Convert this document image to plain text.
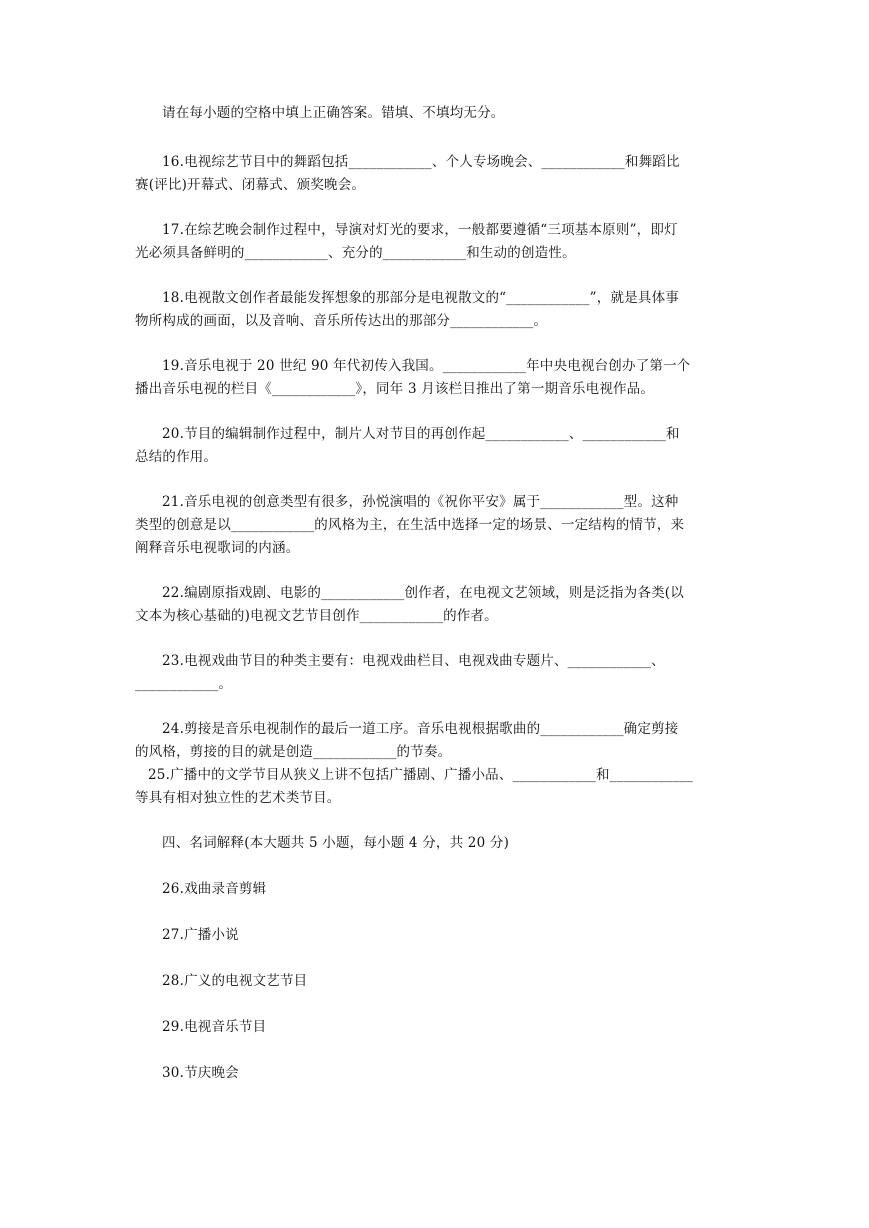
请在每小题的空格中填上正确答案。错填、不填均无分。

16.电视综艺节目中的舞蹈包括____________、个人专场晚会、____________和舞蹈比

赛(评比)开幕式、闭幕式、颁奖晚会。

17.在综艺晚会制作过程中，导演对灯光的要求，一般都要遵循“三项基本原则”，即灯

光必须具备鲜明的____________、充分的____________和生动的创造性。

18.电视散文创作者最能发挥想象的那部分是电视散文的“____________”，就是具体事

物所构成的画面，以及音响、音乐所传达出的那部分____________。

19.音乐电视于 20 世纪 90 年代初传入我国。____________年中央电视台创办了第一个

播出音乐电视的栏目《____________》，同年 3 月该栏目推出了第一期音乐电视作品。

20.节目的编辑制作过程中，制片人对节目的再创作起____________、____________和

总结的作用。

21.音乐电视的创意类型有很多，孙悦演唱的《祝你平安》属于____________型。这种

类型的创意是以____________的风格为主，在生活中选择一定的场景、一定结构的情节，来

阐释音乐电视歌词的内涵。

22.编剧原指戏剧、电影的____________创作者，在电视文艺领域，则是泛指为各类(以

文本为核心基础的)电视文艺节目创作____________的作者。

23.电视戏曲节目的种类主要有：电视戏曲栏目、电视戏曲专题片、____________、

____________。

24.剪接是音乐电视制作的最后一道工序。音乐电视根据歌曲的____________确定剪接

的风格，剪接的目的就是创造____________的节奏。

25.广播中的文学节目从狭义上讲不包括广播剧、广播小品、____________和____________

等具有相对独立性的艺术类节目。

四、名词解释(本大题共 5 小题，每小题 4 分，共 20 分)

26.戏曲录音剪辑

27.广播小说

28.广义的电视文艺节目

29.电视音乐节目

30.节庆晚会
